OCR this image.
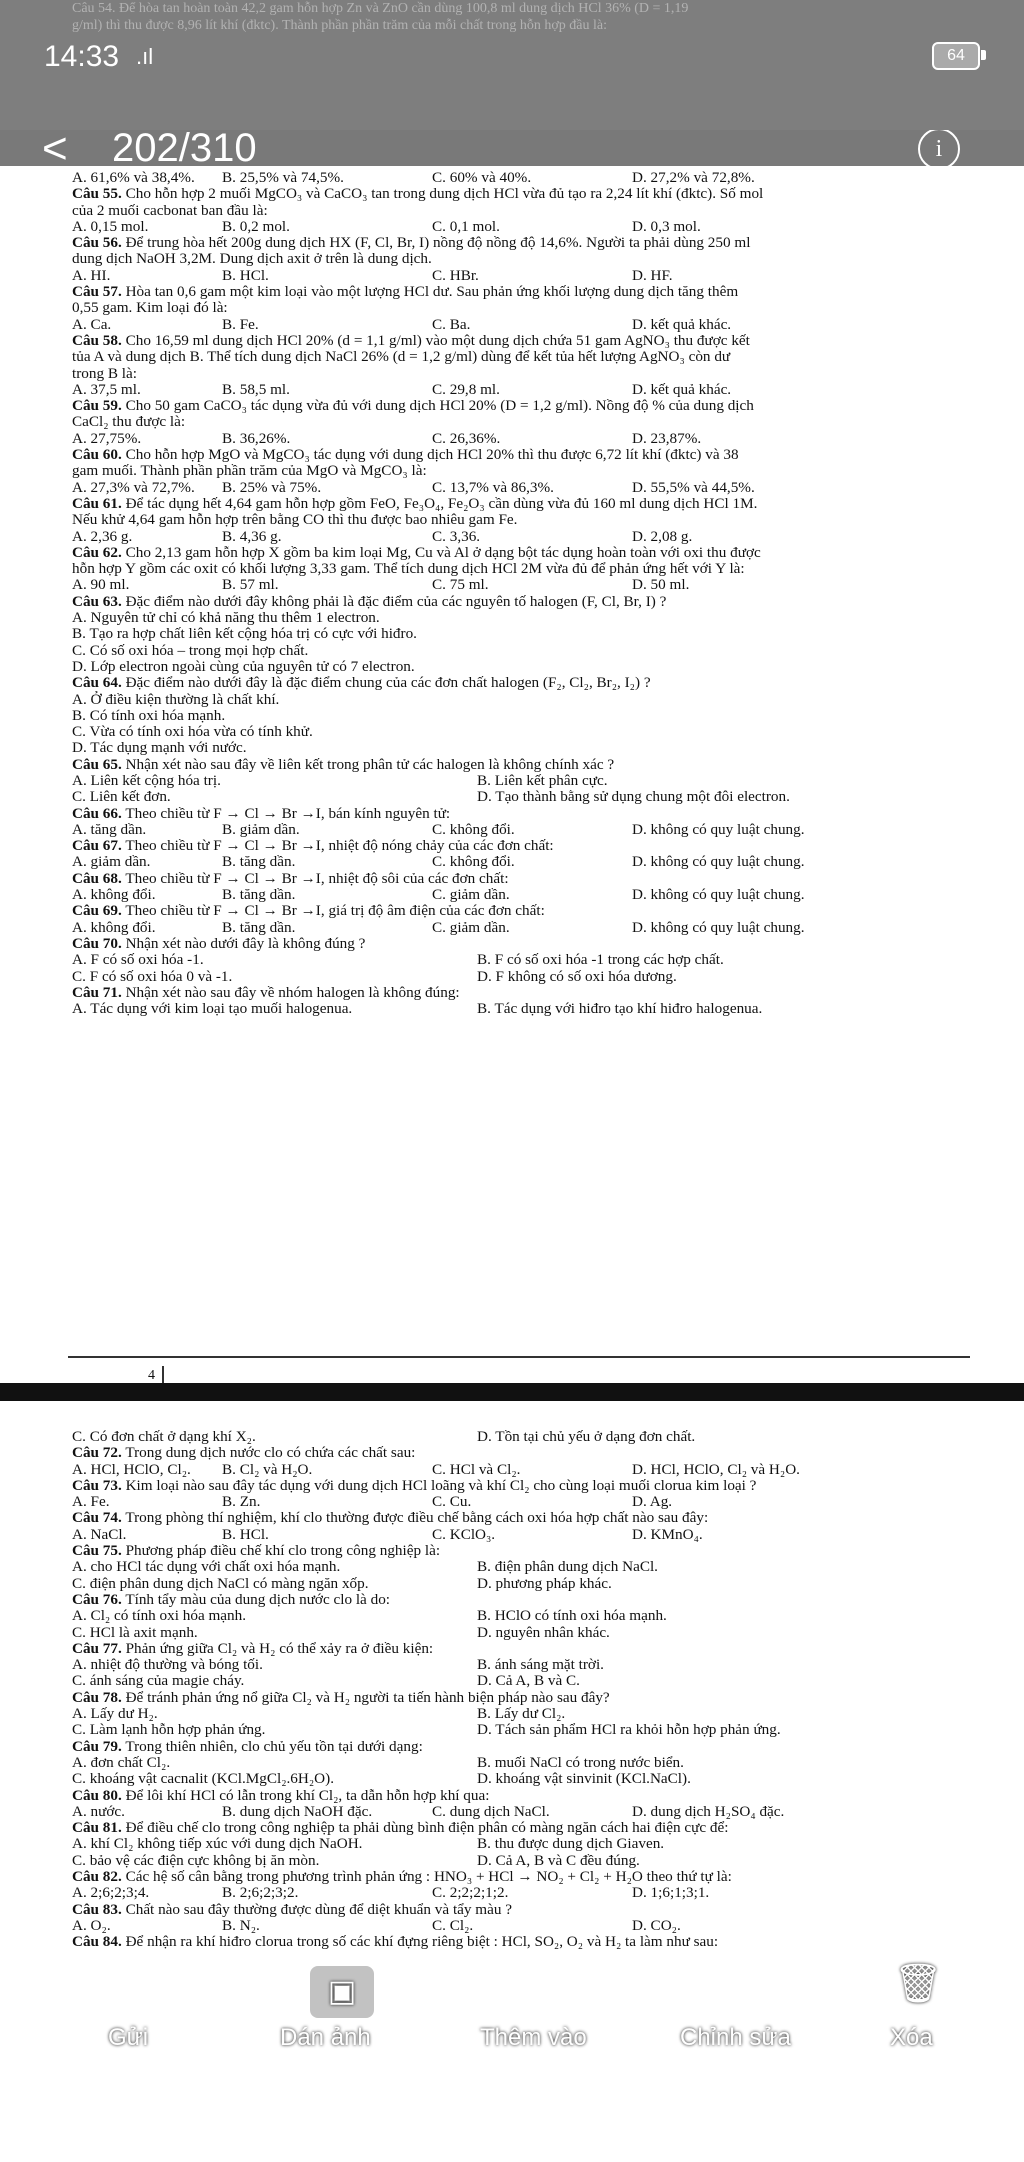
Câu 54. Để hòa tan hoàn toàn 42,2 gam hỗn hợp Zn và ZnO cần dùng 100,8 ml dung dịch HCl 36% (D = 1,19
g/ml) thì thu được 8,96 lít khí (đktc). Thành phần phần trăm của mỗi chất trong hỗn hợp đầu là:
14:33 .ıl	64
A. 61,6% và 38,4%.	B. 25,5% và 74,5%.	C. 60% và 40%.	D. 27,2% và 72,8%.
Câu 55. Cho hỗn hợp 2 muối MgCO₃ và CaCO₃ tan trong dung dịch HCl vừa đủ tạo ra 2,24 lít khí (đktc). Số mol
của 2 muối cacbonat ban đầu là:
A. 0,15 mol.	B. 0,2 mol.	C. 0,1 mol.	D. 0,3 mol.
Câu 56. Để trung hòa hết 200g dung dịch HX (F, Cl, Br, I) nồng độ nồng độ 14,6%. Người ta phải dùng 250 ml
dung dịch NaOH 3,2M. Dung dịch axit ở trên là dung dịch.
A. HI.	B. HCl.	C. HBr.	D. HF.
Câu 57. Hòa tan 0,6 gam một kim loại vào một lượng HCl dư. Sau phản ứng khối lượng dung dịch tăng thêm
0,55 gam. Kim loại đó là:
A. Ca.	B. Fe.	C. Ba.	D. kết quả khác.
Câu 58. Cho 16,59 ml dung dịch HCl 20% (d = 1,1 g/ml) vào một dung dịch chứa 51 gam AgNO₃ thu được kết
tủa A và dung dịch B. Thể tích dung dịch NaCl 26% (d = 1,2 g/ml) dùng để kết tủa hết lượng AgNO₃ còn dư
trong B là:
A. 37,5 ml.	B. 58,5 ml.	C. 29,8 ml.	D. kết quả khác.
Câu 59. Cho 50 gam CaCO₃ tác dụng vừa đủ với dung dịch HCl 20% (D = 1,2 g/ml). Nồng độ % của dung dịch
CaCl₂ thu được là:
A. 27,75%.	B. 36,26%.	C. 26,36%.	D. 23,87%.
Câu 60. Cho hỗn hợp MgO và MgCO₃ tác dụng với dung dịch HCl 20% thì thu được 6,72 lít khí (đktc) và 38
gam muối. Thành phần phần trăm của MgO và MgCO₃ là:
A. 27,3% và 72,7%.	B. 25% và 75%.	C. 13,7% và 86,3%.	D. 55,5% và 44,5%.
Câu 61. Để tác dụng hết 4,64 gam hỗn hợp gồm FeO, Fe₃O₄, Fe₂O₃ cần dùng vừa đủ 160 ml dung dịch HCl 1M.
Nếu khử 4,64 gam hỗn hợp trên bằng CO thì thu được bao nhiêu gam Fe.
A. 2,36 g.	B. 4,36 g.	C. 3,36.	D. 2,08 g.
Câu 62. Cho 2,13 gam hỗn hợp X gồm ba kim loại Mg, Cu và Al ở dạng bột tác dụng hoàn toàn với oxi thu được
hỗn hợp Y gồm các oxit có khối lượng 3,33 gam. Thể tích dung dịch HCl 2M vừa đủ để phản ứng hết với Y là:
A. 90 ml.	B. 57 ml.	C. 75 ml.	D. 50 ml.
Câu 63. Đặc điểm nào dưới đây không phải là đặc điểm của các nguyên tố halogen (F, Cl, Br, I) ?
A. Nguyên tử chỉ có khả năng thu thêm 1 electron.
B. Tạo ra hợp chất liên kết cộng hóa trị có cực với hiđro.
C. Có số oxi hóa – trong mọi hợp chất.
D. Lớp electron ngoài cùng của nguyên tử có 7 electron.
Câu 64. Đặc điểm nào dưới đây là đặc điểm chung của các đơn chất halogen (F₂, Cl₂, Br₂, I₂) ?
A. Ở điều kiện thường là chất khí.
B. Có tính oxi hóa mạnh.
C. Vừa có tính oxi hóa vừa có tính khử.
D. Tác dụng mạnh với nước.
Câu 65. Nhận xét nào sau đây về liên kết trong phân tử các halogen là không chính xác ?
A. Liên kết cộng hóa trị.	B. Liên kết phân cực.
C. Liên kết đơn.	D. Tạo thành bằng sử dụng chung một đôi electron.
Câu 66. Theo chiều từ F → Cl → Br →I, bán kính nguyên tử:
A. tăng dần.	B. giảm dần.	C. không đổi.	D. không có quy luật chung.
Câu 67. Theo chiều từ F → Cl → Br →I, nhiệt độ nóng chảy của các đơn chất:
A. giảm dần.	B. tăng dần.	C. không đổi.	D. không có quy luật chung.
Câu 68. Theo chiều từ F → Cl → Br →I, nhiệt độ sôi của các đơn chất:
A. không đổi.	B. tăng dần.	C. giảm dần.	D. không có quy luật chung.
Câu 69. Theo chiều từ F → Cl → Br →I, giá trị độ âm điện của các đơn chất:
A. không đổi.	B. tăng dần.	C. giảm dần.	D. không có quy luật chung.
Câu 70. Nhận xét nào dưới đây là không đúng ?
A. F có số oxi hóa -1.	B. F có số oxi hóa -1 trong các hợp chất.
C. F có số oxi hóa 0 và -1.	D. F không có số oxi hóa dương.
Câu 71. Nhận xét nào sau đây về nhóm halogen là không đúng:
A. Tác dụng với kim loại tạo muối halogenua.	B. Tác dụng với hiđro tạo khí hiđro halogenua.
< 202/310	i
4
C. Có đơn chất ở dạng khí X₂.	D. Tồn tại chủ yếu ở dạng đơn chất.
Câu 72. Trong dung dịch nước clo có chứa các chất sau:
A. HCl, HClO, Cl₂.	B. Cl₂ và H₂O.	C. HCl và Cl₂.	D. HCl, HClO, Cl₂ và H₂O.
Câu 73. Kim loại nào sau đây tác dụng với dung dịch HCl loãng và khí Cl₂ cho cùng loại muối clorua kim loại ?
A. Fe.	B. Zn.	C. Cu.	D. Ag.
Câu 74. Trong phòng thí nghiệm, khí clo thường được điều chế bằng cách oxi hóa hợp chất nào sau đây:
A. NaCl.	B. HCl.	C. KClO₃.	D. KMnO₄.
Câu 75. Phương pháp điều chế khí clo trong công nghiệp là:
A. cho HCl tác dụng với chất oxi hóa mạnh.	B. điện phân dung dịch NaCl.
C. điện phân dung dịch NaCl có màng ngăn xốp.	D. phương pháp khác.
Câu 76. Tính tẩy màu của dung dịch nước clo là do:
A. Cl₂ có tính oxi hóa mạnh.	B. HClO có tính oxi hóa mạnh.
C. HCl là axit mạnh.	D. nguyên nhân khác.
Câu 77. Phản ứng giữa Cl₂ và H₂ có thể xảy ra ở điều kiện:
A. nhiệt độ thường và bóng tối.	B. ánh sáng mặt trời.
C. ánh sáng của magie cháy.	D. Cả A, B và C.
Câu 78. Để tránh phản ứng nổ giữa Cl₂ và H₂ người ta tiến hành biện pháp nào sau đây?
A. Lấy dư H₂.	B. Lấy dư Cl₂.
C. Làm lạnh hỗn hợp phản ứng.	D. Tách sản phẩm HCl ra khỏi hỗn hợp phản ứng.
Câu 79. Trong thiên nhiên, clo chủ yếu tồn tại dưới dạng:
A. đơn chất Cl₂.	B. muối NaCl có trong nước biển.
C. khoáng vật cacnalit (KCl.MgCl₂.6H₂O).	D. khoáng vật sinvinit (KCl.NaCl).
Câu 80. Để lôi khí HCl có lẫn trong khí Cl₂, ta dẫn hỗn hợp khí qua:
A. nước.	B. dung dịch NaOH đặc.	C. dung dịch NaCl.	D. dung dịch H₂SO₄ đặc.
Câu 81. Để điều chế clo trong công nghiệp ta phải dùng bình điện phân có màng ngăn cách hai điện cực để:
A. khí Cl₂ không tiếp xúc với dung dịch NaOH.	B. thu được dung dịch Giaven.
C. bảo vệ các điện cực không bị ăn mòn.	D. Cả A, B và C đều đúng.
Câu 82. Các hệ số cân bằng trong phương trình phản ứng : HNO₃ + HCl → NO₂ + Cl₂ + H₂O theo thứ tự là:
A. 2;6;2;3;4.	B. 2;6;2;3;2.	C. 2;2;2;1;2.	D. 1;6;1;3;1.
Câu 83. Chất nào sau đây thường được dùng để diệt khuẩn và tẩy màu ?
A. O₂.	B. N₂.	C. Cl₂.	D. CO₂.
Câu 84. Để nhận ra khí hiđro clorua trong số các khí đựng riêng biệt : HCl, SO₂, O₂ và H₂ ta làm như sau:
▣	🗑
Gửi	Dán ảnh	Thêm vào	Chỉnh sửa	Xóa
